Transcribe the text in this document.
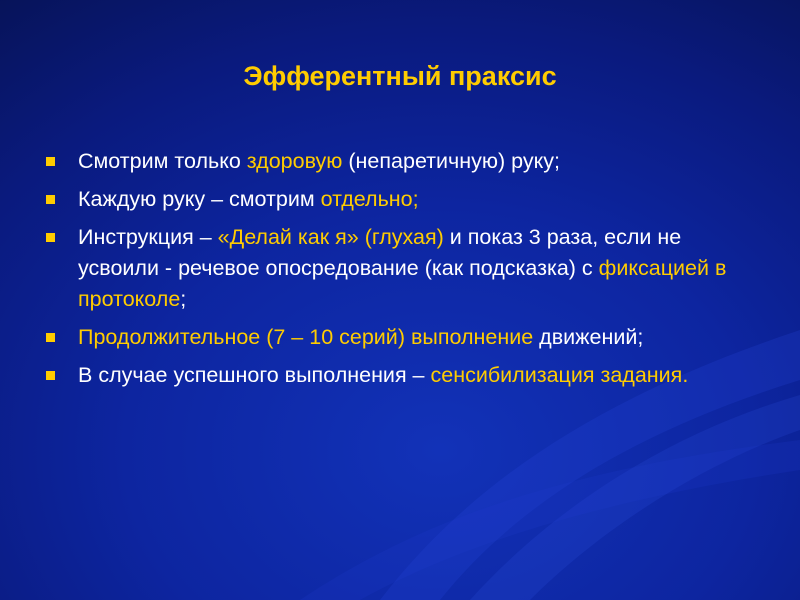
Эфферентный праксис
Смотрим только здоровую (непаретичную) руку;
Каждую руку – смотрим отдельно;
Инструкция – «Делай как я» (глухая) и показ 3 раза, если не усвоили - речевое опосредование (как подсказка) с фиксацией в протоколе;
Продолжительное (7 – 10 серий) выполнение движений;
В случае успешного выполнения – сенсибилизация задания.
